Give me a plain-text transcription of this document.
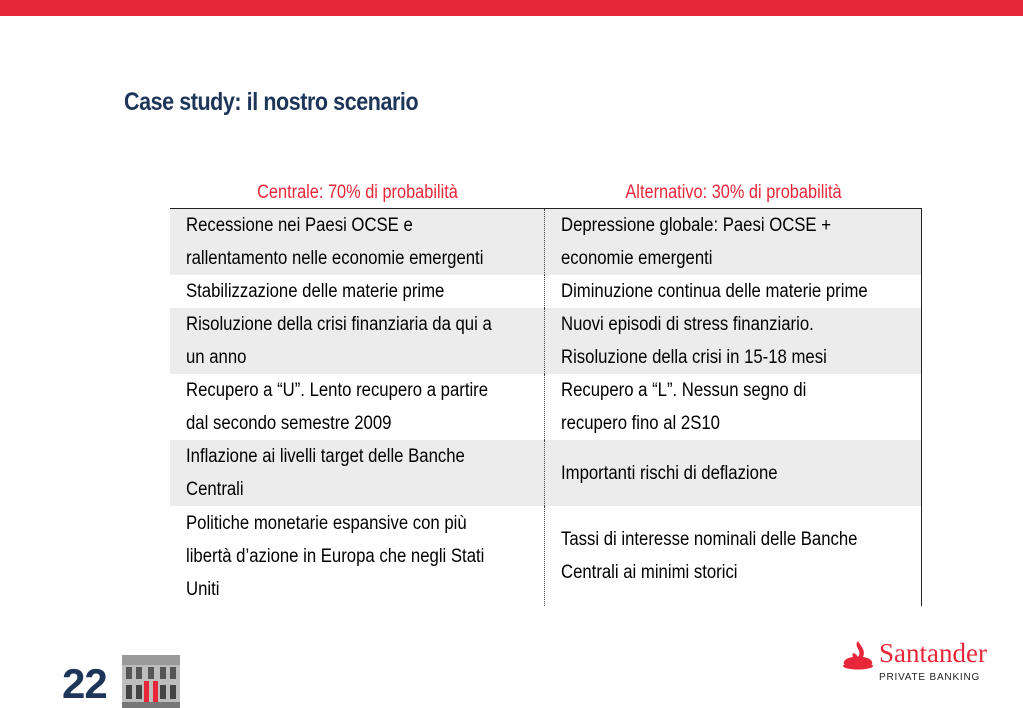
Case study: il nostro scenario
Centrale: 70% di probabilità	Alternativo: 30% di probabilità
Recessione nei Paesi OCSE e rallentamento nelle economie emergenti
Depressione globale: Paesi OCSE + economie emergenti
Stabilizzazione delle materie prime	Diminuzione continua delle materie prime
Risoluzione della crisi finanziaria da qui a un anno
Nuovi episodi di stress finanziario. Risoluzione della crisi in 15-18 mesi
Recupero a “U”. Lento recupero a partire dal secondo semestre 2009
Recupero a “L”. Nessun segno di recupero fino al 2S10
Inflazione ai livelli target delle Banche Centrali
Importanti rischi di deflazione
Politiche monetarie espansive con più libertà d’azione in Europa che negli Stati Uniti
Tassi di interesse nominali delle Banche Centrali ai minimi storici
22
Santander
PRIVATE BANKING
